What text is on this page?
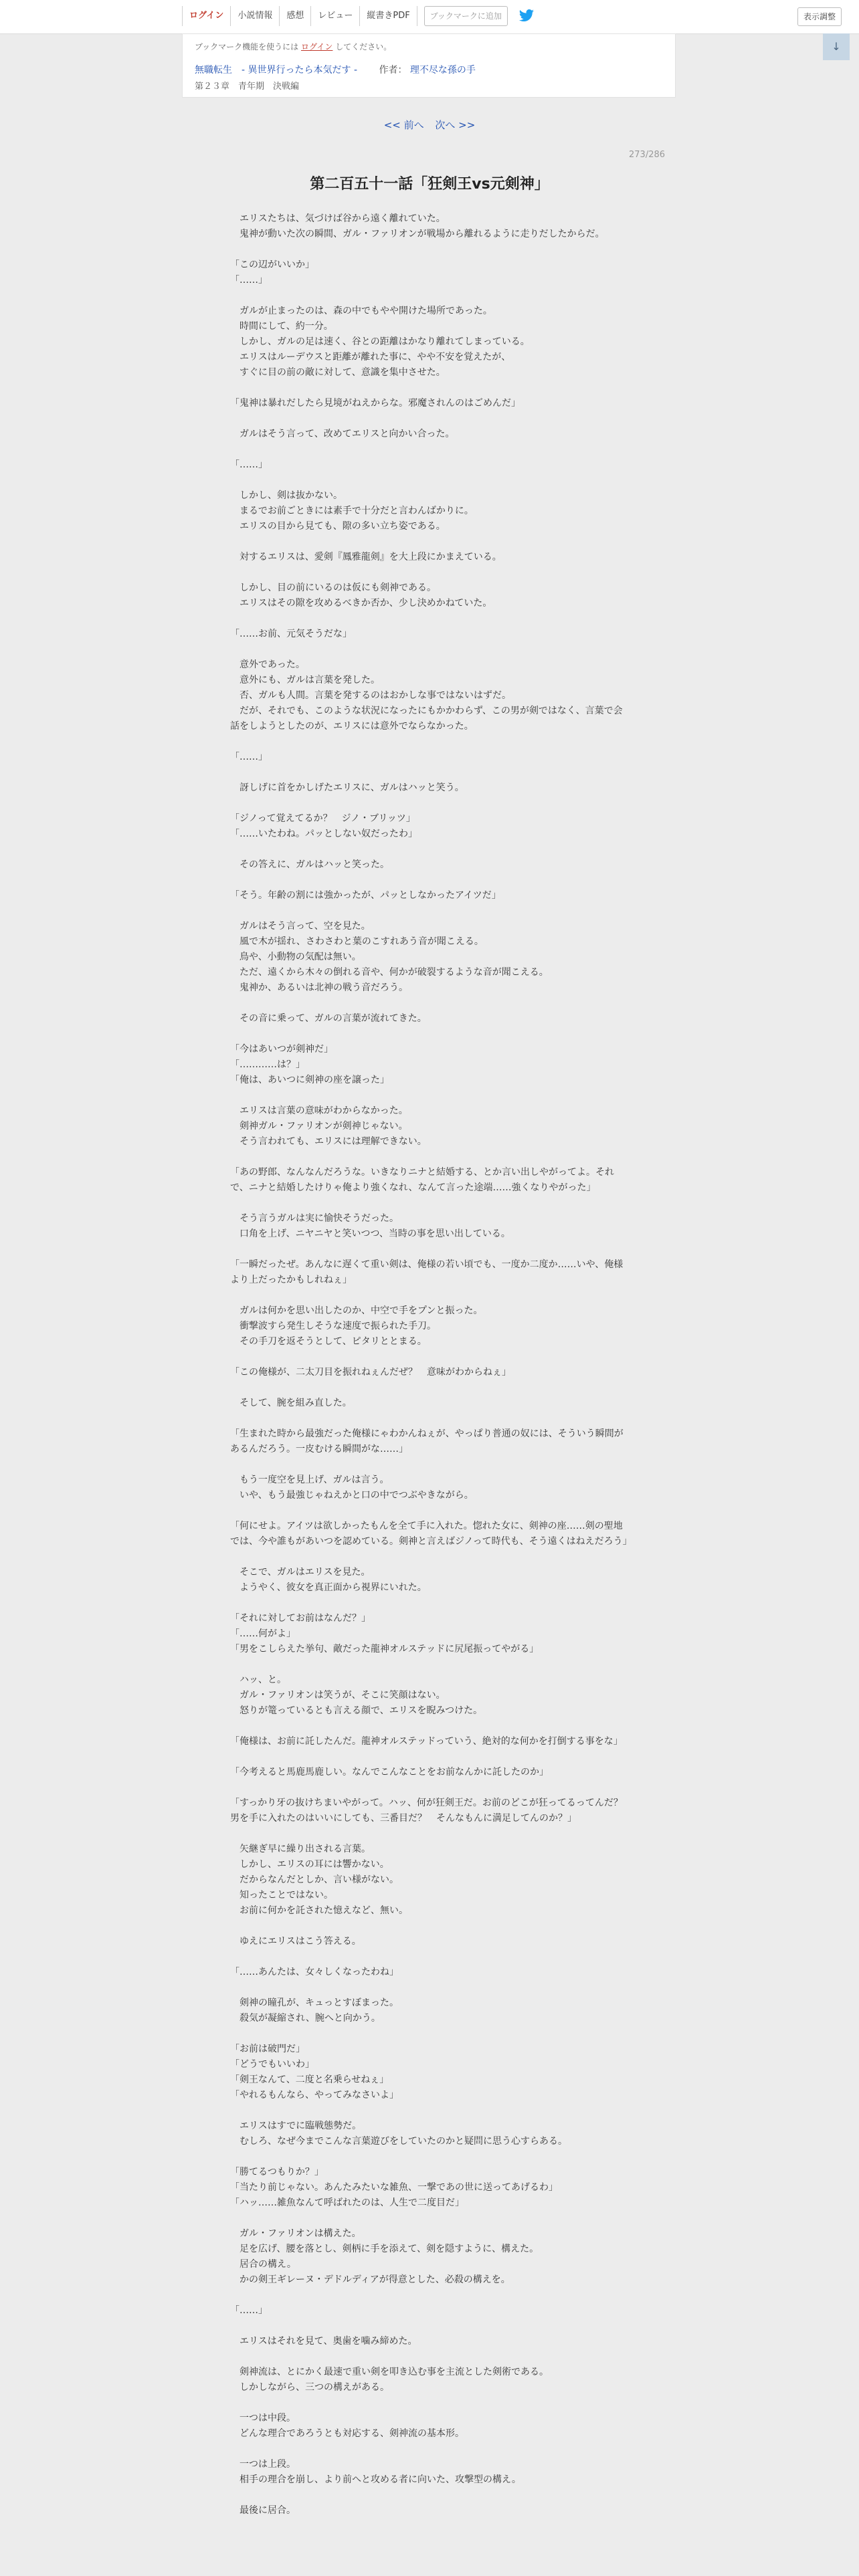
ログイン	小説情報	感想	レビュー	縦書きPDF	ブックマークに追加	表示調整
ブックマーク機能を使うには ログイン してください。
無職転生　- 異世界行ったら本気だす - 作者： 理不尽な孫の手
第２３章　青年期　決戦編
↓
<< 前へ 次へ >>
273/286
第二百五十一話「狂剣王vs元剣神」
　エリスたちは、気づけば谷から遠く離れていた。
　鬼神が動いた次の瞬間、ガル・ファリオンが戦場から離れるように走りだしたからだ。
「この辺がいいか」
「……」
　ガルが止まったのは、森の中でもやや開けた場所であった。
　時間にして、約一分。
　しかし、ガルの足は速く、谷との距離はかなり離れてしまっている。
　エリスはルーデウスと距離が離れた事に、やや不安を覚えたが、
　すぐに目の前の敵に対して、意識を集中させた。
「鬼神は暴れだしたら見境がねえからな。邪魔されんのはごめんだ」
　ガルはそう言って、改めてエリスと向かい合った。
「……」
　しかし、剣は抜かない。
　まるでお前ごときには素手で十分だと言わんばかりに。
　エリスの目から見ても、隙の多い立ち姿である。
　対するエリスは、愛剣『鳳雅龍剣』を大上段にかまえている。
　しかし、目の前にいるのは仮にも剣神である。
　エリスはその隙を攻めるべきか否か、少し決めかねていた。
「……お前、元気そうだな」
　意外であった。
　意外にも、ガルは言葉を発した。
　否、ガルも人間。言葉を発するのはおかしな事ではないはずだ。
　だが、それでも、このような状況になったにもかかわらず、この男が剣ではなく、言葉で会話をしようとしたのが、エリスには意外でならなかった。
「……」
　訝しげに首をかしげたエリスに、ガルはハッと笑う。
「ジノって覚えてるか？　ジノ・ブリッツ」
「……いたわね。パッとしない奴だったわ」
　その答えに、ガルはハッと笑った。
「そう。年齢の割には強かったが、パッとしなかったアイツだ」
　ガルはそう言って、空を見た。
　風で木が揺れ、さわさわと葉のこすれあう音が聞こえる。
　鳥や、小動物の気配は無い。
　ただ、遠くから木々の倒れる音や、何かが破裂するような音が聞こえる。
　鬼神か、あるいは北神の戦う音だろう。
　その音に乗って、ガルの言葉が流れてきた。
「今はあいつが剣神だ」
「…………は？」
「俺は、あいつに剣神の座を譲った」
　エリスは言葉の意味がわからなかった。
　剣神ガル・ファリオンが剣神じゃない。
　そう言われても、エリスには理解できない。
「あの野郎、なんなんだろうな。いきなりニナと結婚する、とか言い出しやがってよ。それで、ニナと結婚したけりゃ俺より強くなれ、なんて言った途端……強くなりやがった」
　そう言うガルは実に愉快そうだった。
　口角を上げ、ニヤニヤと笑いつつ、当時の事を思い出している。
「一瞬だったぜ。あんなに遅くて重い剣は、俺様の若い頃でも、一度か二度か……いや、俺様より上だったかもしれねぇ」
　ガルは何かを思い出したのか、中空で手をプンと振った。
　衝撃波すら発生しそうな速度で振られた手刀。
　その手刀を返そうとして、ピタリととまる。
「この俺様が、二太刀目を振れねぇんだぜ？　意味がわからねぇ」
　そして、腕を組み直した。
「生まれた時から最強だった俺様にゃわかんねぇが、やっぱり普通の奴には、そういう瞬間があるんだろう。一皮むける瞬間がな……」
　もう一度空を見上げ、ガルは言う。
　いや、もう最強じゃねえかと口の中でつぶやきながら。
「何にせよ。アイツは欲しかったもんを全て手に入れた。惚れた女に、剣神の座……剣の聖地では、今や誰もがあいつを認めている。剣神と言えばジノって時代も、そう遠くはねえだろう」
　そこで、ガルはエリスを見た。
　ようやく、彼女を真正面から視界にいれた。
「それに対してお前はなんだ？」
「……何がよ」
「男をこしらえた挙句、敵だった龍神オルステッドに尻尾振ってやがる」
　ハッ、と。
　ガル・ファリオンは笑うが、そこに笑顔はない。
　怒りが篭っているとも言える顔で、エリスを睨みつけた。
「俺様は、お前に託したんだ。龍神オルステッドっていう、絶対的な何かを打倒する事をな」
「今考えると馬鹿馬鹿しい。なんでこんなことをお前なんかに託したのか」
「すっかり牙の抜けちまいやがって。ハッ、何が狂剣王だ。お前のどこが狂ってるってんだ？　男を手に入れたのはいいにしても、三番目だ？　そんなもんに満足してんのか？」
　矢継ぎ早に繰り出される言葉。
　しかし、エリスの耳には響かない。
　だからなんだとしか、言い様がない。
　知ったことではない。
　お前に何かを託された憶えなど、無い。
　ゆえにエリスはこう答える。
「……あんたは、女々しくなったわね」
　剣神の瞳孔が、キュっとすぼまった。
　殺気が凝縮され、腕へと向かう。
「お前は破門だ」
「どうでもいいわ」
「剣王なんて、二度と名乗らせねぇ」
「やれるもんなら、やってみなさいよ」
　エリスはすでに臨戦態勢だ。
　むしろ、なぜ今までこんな言葉遊びをしていたのかと疑問に思う心すらある。
「勝てるつもりか？」
「当たり前じゃない。あんたみたいな雑魚、一撃であの世に送ってあげるわ」
「ハッ……雑魚なんて呼ばれたのは、人生で二度目だ」
　ガル・ファリオンは構えた。
　足を広げ、腰を落とし、剣柄に手を添えて、剣を隠すように、構えた。
　居合の構え。
　かの剣王ギレーヌ・デドルディアが得意とした、必殺の構えを。
「……」
　エリスはそれを見て、奥歯を噛み締めた。
　剣神流は、とにかく最速で重い剣を叩き込む事を主流とした剣術である。
　しかしながら、三つの構えがある。
　一つは中段。
　どんな理合であろうとも対応する、剣神流の基本形。
　一つは上段。
　相手の理合を崩し、より前へと攻める者に向いた、攻撃型の構え。
　最後に居合。
